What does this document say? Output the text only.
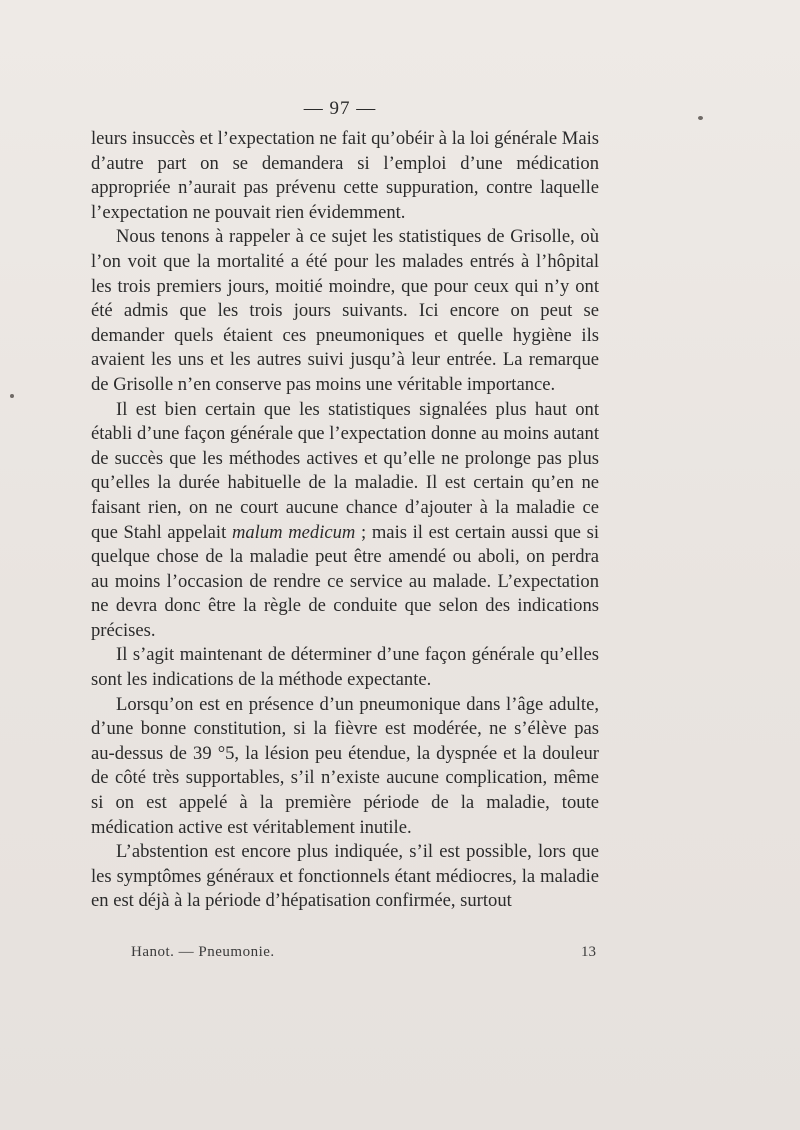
— 97 —

leurs insuccès et l’expectation ne fait qu’obéir à la loi générale Mais d’autre part on se demandera si l’emploi d’une médication appropriée n’aurait pas prévenu cette suppuration, contre laquelle l’expectation ne pouvait rien évidemment.

Nous tenons à rappeler à ce sujet les statistiques de Grisolle, où l’on voit que la mortalité a été pour les malades entrés à l’hôpital les trois premiers jours, moitié moindre, que pour ceux qui n’y ont été admis que les trois jours suivants. Ici encore on peut se demander quels étaient ces pneumoniques et quelle hygiène ils avaient les uns et les autres suivi jusqu’à leur entrée. La remarque de Grisolle n’en conserve pas moins une véritable importance.

Il est bien certain que les statistiques signalées plus haut ont établi d’une façon générale que l’expectation donne au moins autant de succès que les méthodes actives et qu’elle ne prolonge pas plus qu’elles la durée habituelle de la maladie. Il est certain qu’en ne faisant rien, on ne court aucune chance d’ajouter à la maladie ce que Stahl appelait malum medicum ; mais il est certain aussi que si quelque chose de la maladie peut être amendé ou aboli, on perdra au moins l’occasion de rendre ce service au malade. L’expectation ne devra donc être la règle de conduite que selon des indications précises.

Il s’agit maintenant de déterminer d’une façon générale qu’elles sont les indications de la méthode expectante.

Lorsqu’on est en présence d’un pneumonique dans l’âge adulte, d’une bonne constitution, si la fièvre est modérée, ne s’élève pas au-dessus de 39 °5, la lésion peu étendue, la dyspnée et la douleur de côté très supportables, s’il n’existe aucune complication, même si on est appelé à la première période de la maladie, toute médication active est véritablement inutile.

L’abstention est encore plus indiquée, s’il est possible, lors que les symptômes généraux et fonctionnels étant médiocres, la maladie en est déjà à la période d’hépatisation confirmée, surtout

Hanot. — Pneumonie.	13
